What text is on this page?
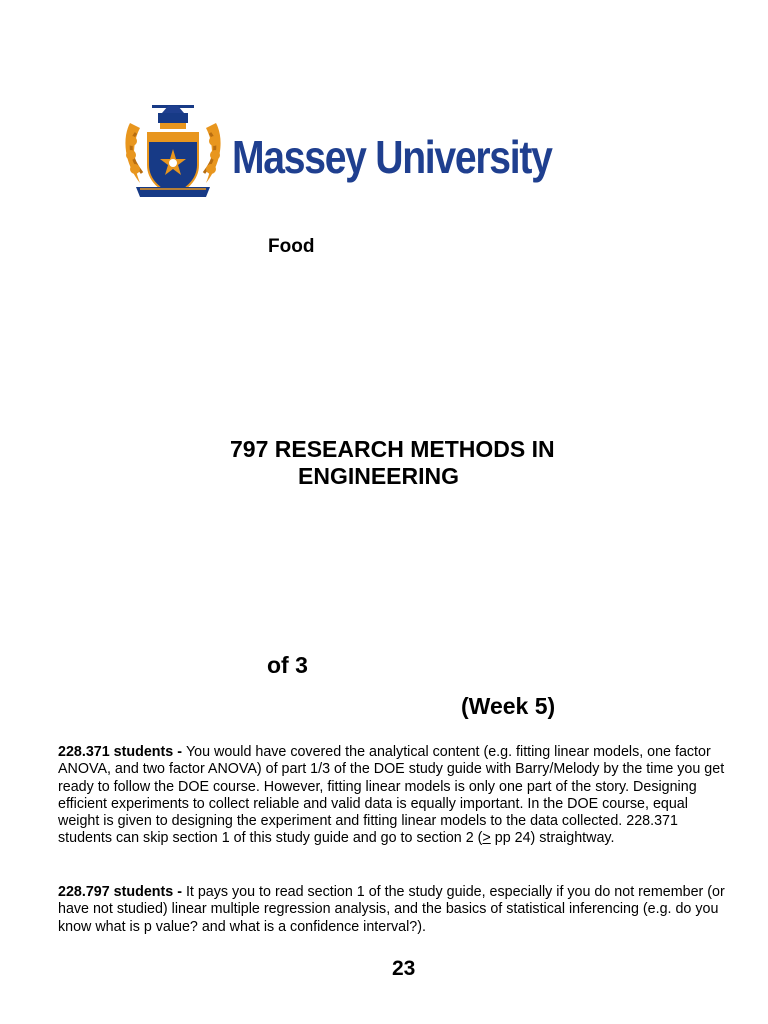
Massey University
Food
797 RESEARCH METHODS IN
ENGINEERING
of 3
(Week 5)
228.371 students - You would have covered the analytical content (e.g. fitting linear models, one factor ANOVA, and two factor ANOVA) of part 1/3 of the DOE study guide with Barry/Melody by the time you get ready to follow the DOE course. However, fitting linear models is only one part of the story. Designing efficient experiments to collect reliable and valid data is equally important. In the DOE course, equal weight is given to designing the experiment and fitting linear models to the data collected. 228.371 students can skip section 1 of this study guide and go to section 2 (> pp 24) straightway.
228.797 students - It pays you to read section 1 of the study guide, especially if you do not remember (or have not studied) linear multiple regression analysis, and the basics of statistical inferencing (e.g. do you know what is p value? and what is a confidence interval?).
23
